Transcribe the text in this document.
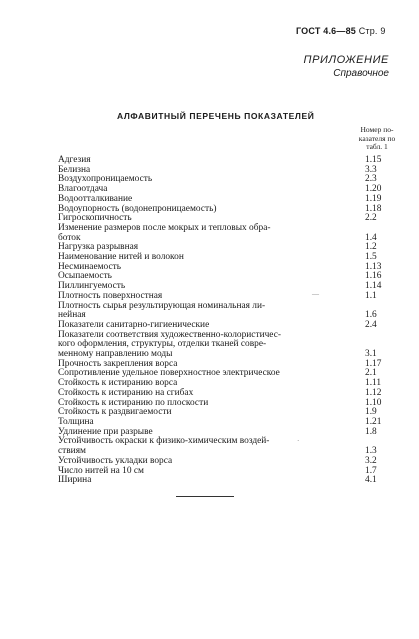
ГОСТ 4.6—85 Стр. 9
ПРИЛОЖЕНИЕ
Справочное
АЛФАВИТНЫЙ ПЕРЕЧЕНЬ ПОКАЗАТЕЛЕЙ
Номер по- казателя по табл. 1
Адгезия	1.15
Белизна	3.3
Воздухопроницаемость	2.3
Влагоотдача	1.20
Водоотталкивание	1.19
Водоупорность (водонепроницаемость)	1.18
Гигроскопичность	2.2
Изменение размеров после мокрых и тепловых обра-
боток	1.4
Нагрузка разрывная	1.2
Наименование нитей и волокон	1.5
Несминаемость	1.13
Осыпаемость	1.16
Пиллингуемость	1.14
Плотность поверхностная	1.1
Плотность сырья результирующая номинальная ли-
нейная	1.6
Показатели санитарно-гигиенические	2.4
Показатели соответствия художественно-колористичес-
кого оформления, структуры, отделки тканей совре-
менному направлению моды	3.1
Прочность закрепления ворса	1.17
Сопротивление удельное поверхностное электрическое	2.1
Стойкость к истиранию ворса	1.11
Стойкость к истиранию на сгибах	1.12
Стойкость к истиранию по плоскости	1.10
Стойкость к раздвигаемости	1.9
Толщина	1.21
Удлинение при разрыве	1.8
Устойчивость окраски к физико-химическим воздей-
ствиям	1.3
Устойчивость укладки ворса	3.2
Число нитей на 10 см	1.7
Ширина	4.1
—
·
